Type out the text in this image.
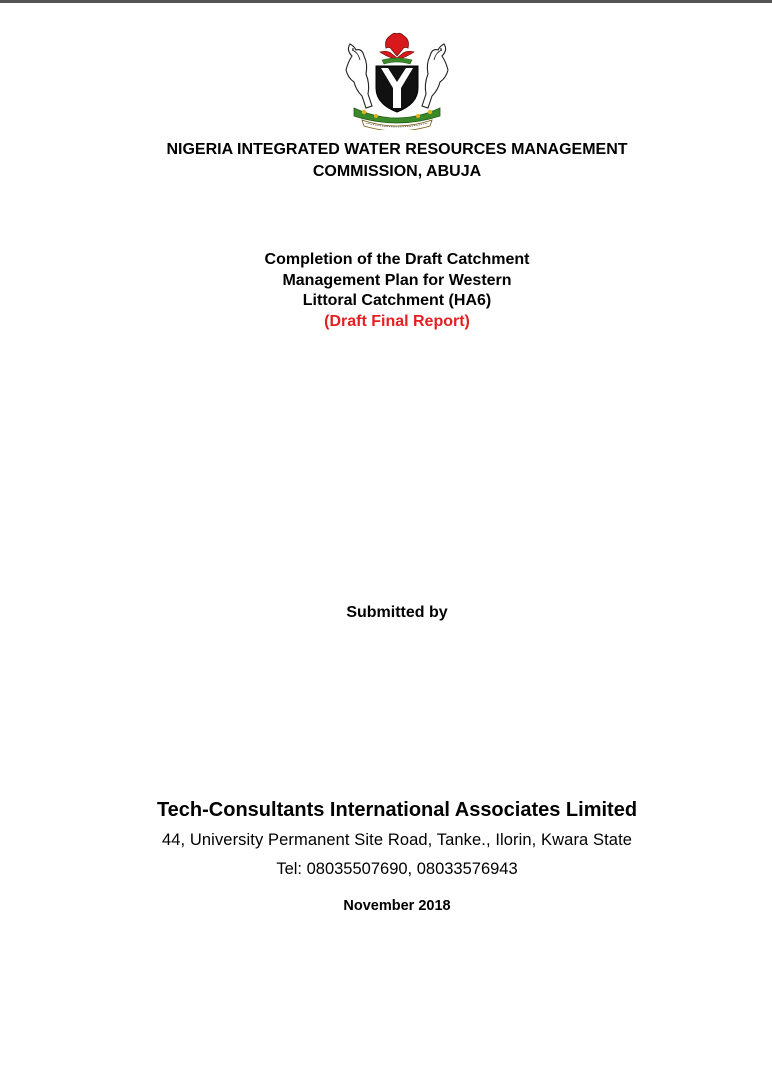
NIGERIA INTEGRATED WATER RESOURCES MANAGEMENT
COMMISSION, ABUJA
Completion of the Draft Catchment
Management Plan for Western
Littoral Catchment (HA6)
(Draft Final Report)
Submitted by
Tech-Consultants International Associates Limited
44, University Permanent Site Road, Tanke., Ilorin, Kwara State
Tel: 08035507690, 08033576943
November 2018
